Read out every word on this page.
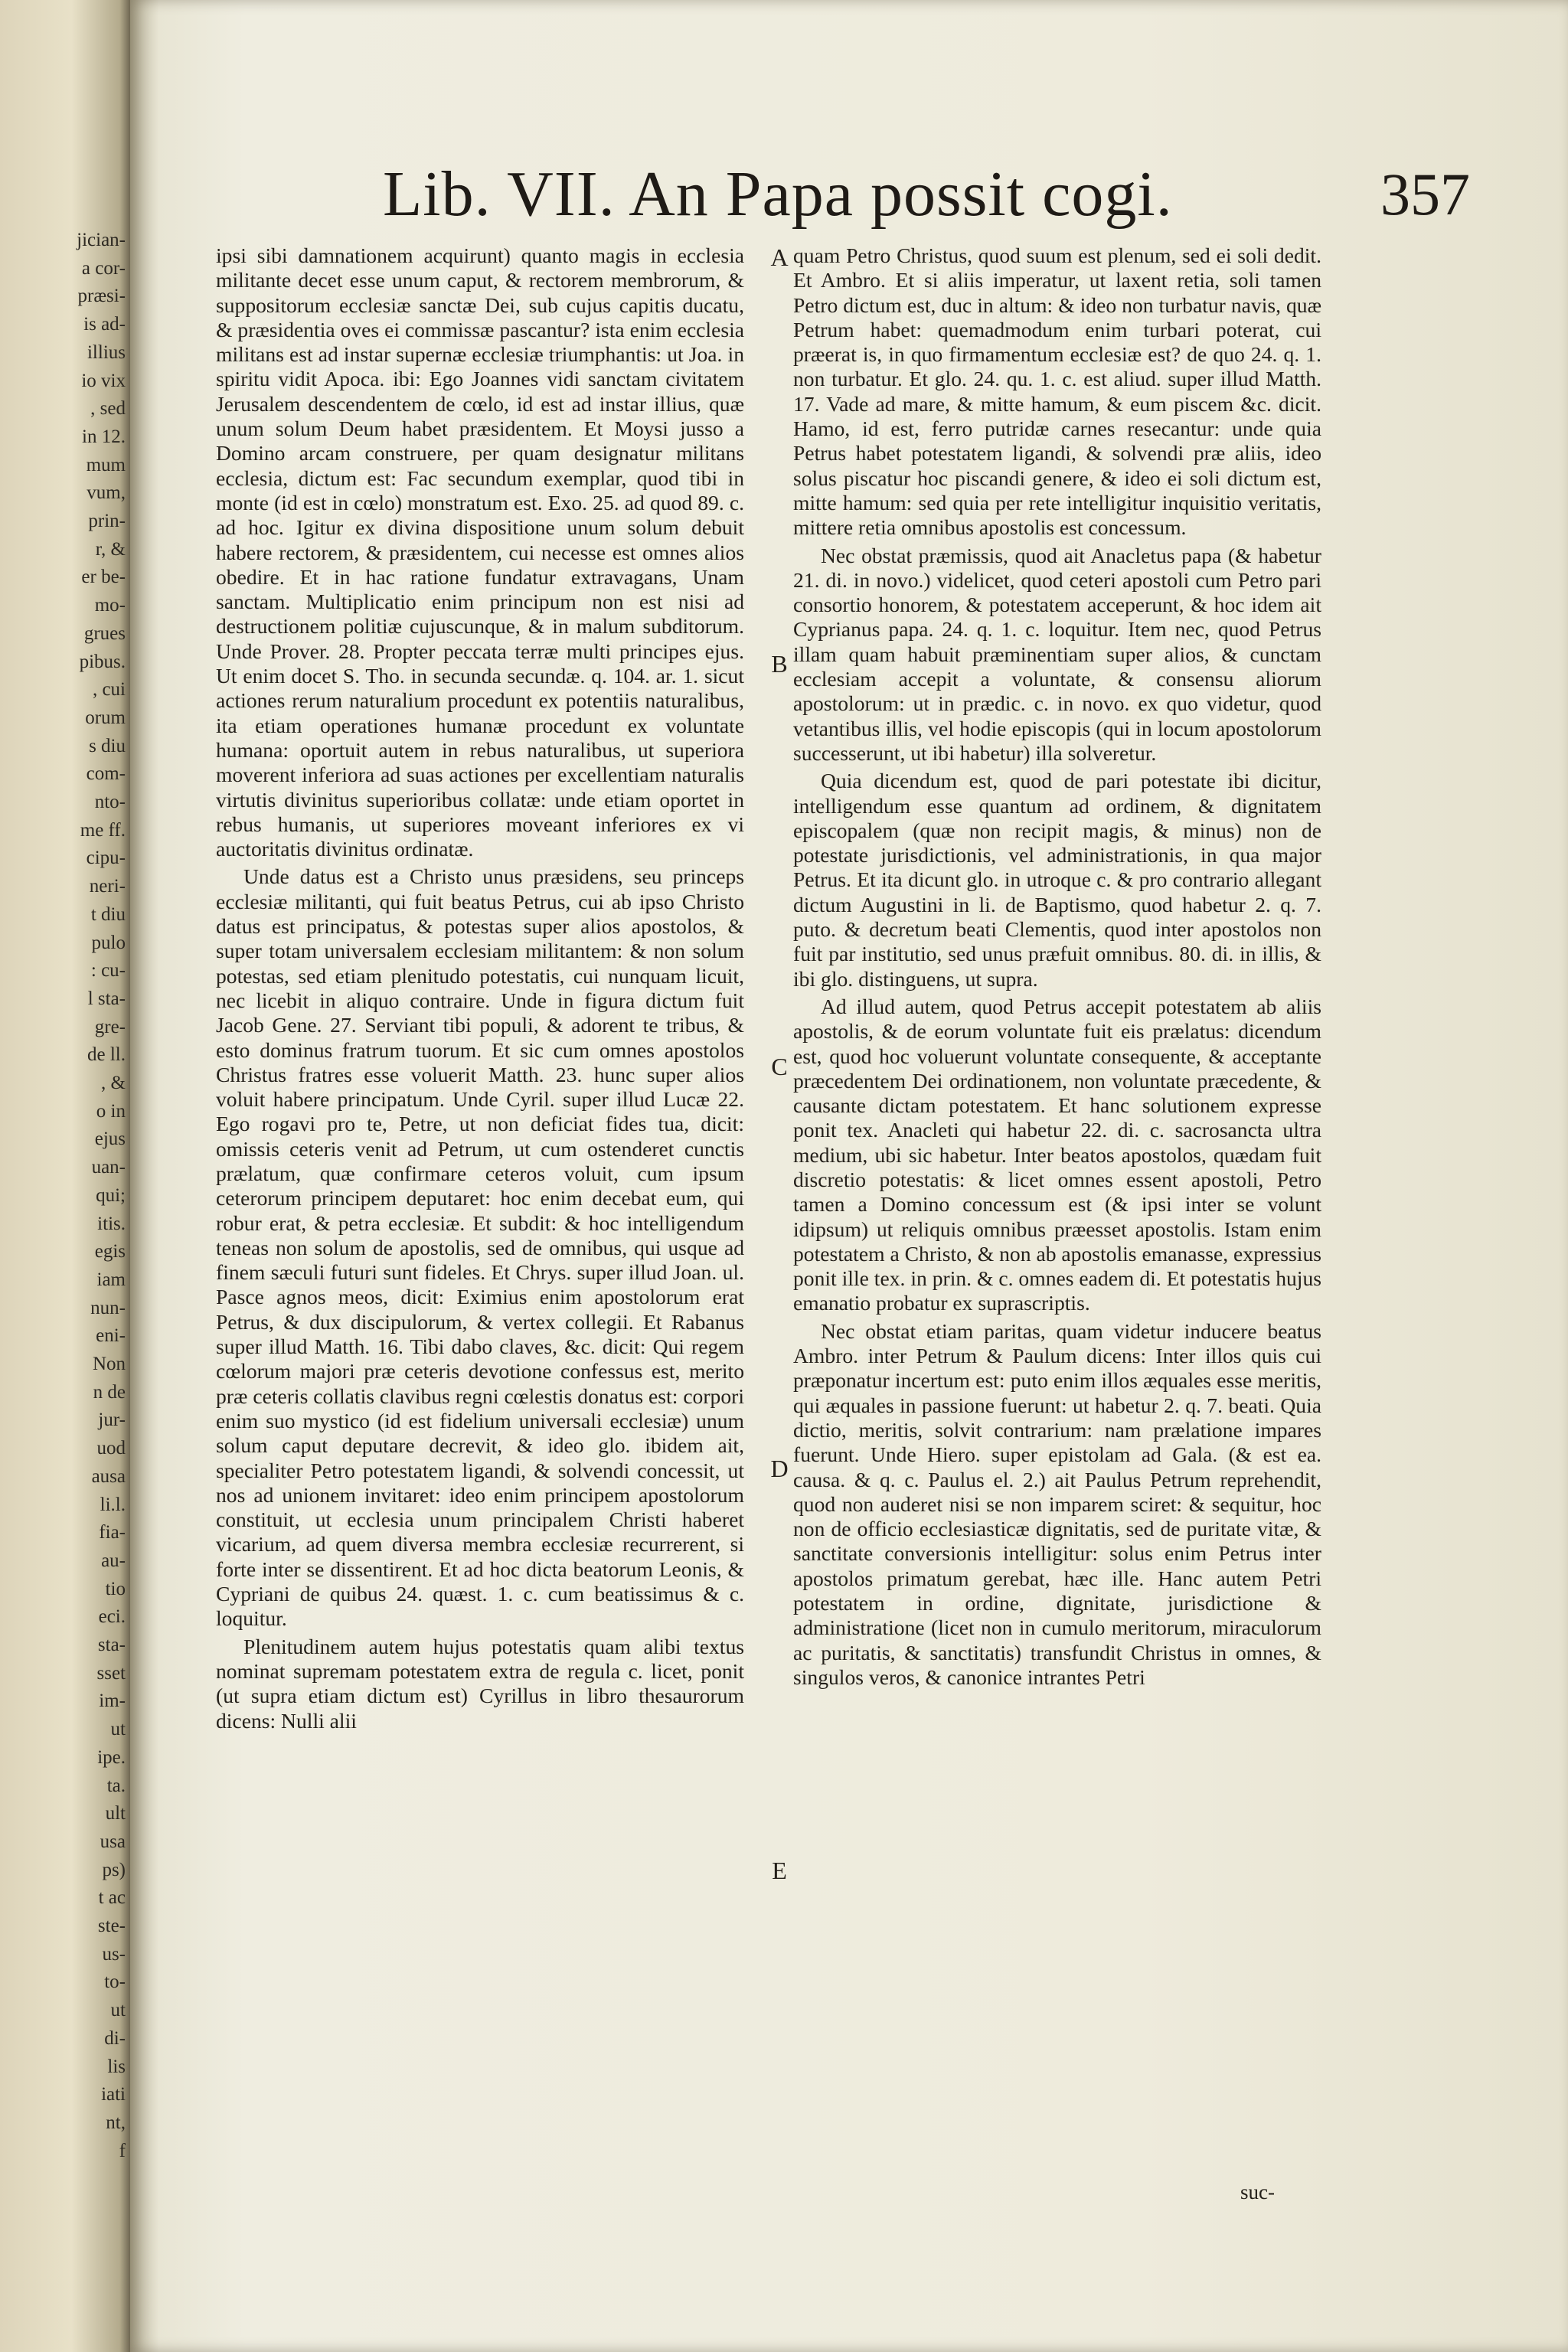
jician-
a cor-
præsi-
is ad-
illius
io vix
, sed
in 12.
mum
vum,
prin-
r, &
er be-
mo-
grues
pibus.
, cui
orum
s diu
com-
nto-
me ff.
cipu-
neri-
t diu
pulo
: cu-
l sta-
gre-
de ll.
, &
o in
ejus
uan-
qui;
itis.
egis
iam
nun-
eni-
Non
n de
jur-
uod
ausa
li.l.
fia-
au-
tio
eci.
sta-
sset
im-
ut
ipe.
ta.
ult
usa
ps)
t ac
ste-
us-
to-
ut
di-
lis
iati
nt,
f
Lib. VII. An Papa possit cogi.	357

ipsi sibi damnationem acquirunt) quanto magis in ecclesia militante decet esse unum caput, & rectorem membrorum, & suppositorum ecclesiæ sanctæ Dei, sub cujus capitis ducatu, & præsidentia oves ei commissæ pascantur? ista enim ecclesia militans est ad instar supernæ ecclesiæ triumphantis: ut Joa. in spiritu vidit Apoca. ibi: Ego Joannes vidi sanctam civitatem Jerusalem descendentem de cœlo, id est ad instar illius, quæ unum solum Deum habet præsidentem. Et Moysi jusso a Domino arcam construere, per quam designatur militans ecclesia, dictum est: Fac secundum exemplar, quod tibi in monte (id est in cœlo) monstratum est. Exo. 25. ad quod 89. c. ad hoc. Igitur ex divina dispositione unum solum debuit habere rectorem, & præsidentem, cui necesse est omnes alios obedire. Et in hac ratione fundatur extravagans, Unam sanctam. Multiplicatio enim principum non est nisi ad destructionem politiæ cujuscunque, & in malum subditorum. Unde Prover. 28. Propter peccata terræ multi principes ejus. Ut enim docet S. Tho. in secunda secundæ. q. 104. ar. 1. sicut actiones rerum naturalium procedunt ex potentiis naturalibus, ita etiam operationes humanæ procedunt ex voluntate humana: oportuit autem in rebus naturalibus, ut superiora moverent inferiora ad suas actiones per excellentiam naturalis virtutis divinitus superioribus collatæ: unde etiam oportet in rebus humanis, ut superiores moveant inferiores ex vi auctoritatis divinitus ordinatæ.

Unde datus est a Christo unus præsidens, seu princeps ecclesiæ militanti, qui fuit beatus Petrus, cui ab ipso Christo datus est principatus, & potestas super alios apostolos, & super totam universalem ecclesiam militantem: & non solum potestas, sed etiam plenitudo potestatis, cui nunquam licuit, nec licebit in aliquo contraire. Unde in figura dictum fuit Jacob Gene. 27. Serviant tibi populi, & adorent te tribus, & esto dominus fratrum tuorum. Et sic cum omnes apostolos Christus fratres esse voluerit Matth. 23. hunc super alios voluit habere principatum. Unde Cyril. super illud Lucæ 22. Ego rogavi pro te, Petre, ut non deficiat fides tua, dicit: omissis ceteris venit ad Petrum, ut cum ostenderet cunctis prælatum, quæ confirmare ceteros voluit, cum ipsum ceterorum principem deputaret: hoc enim decebat eum, qui robur erat, & petra ecclesiæ. Et subdit: & hoc intelligendum teneas non solum de apostolis, sed de omnibus, qui usque ad finem sæculi futuri sunt fideles. Et Chrys. super illud Joan. ul. Pasce agnos meos, dicit: Eximius enim apostolorum erat Petrus, & dux discipulorum, & vertex collegii. Et Rabanus super illud Matth. 16. Tibi dabo claves, &c. dicit: Qui regem cœlorum majori præ ceteris devotione confessus est, merito præ ceteris collatis clavibus regni cœlestis donatus est: corpori enim suo mystico (id est fidelium universali ecclesiæ) unum solum caput deputare decrevit, & ideo glo. ibidem ait, specialiter Petro potestatem ligandi, & solvendi concessit, ut nos ad unionem invitaret: ideo enim principem apostolorum constituit, ut ecclesia unum principalem Christi haberet vicarium, ad quem diversa membra ecclesiæ recurrerent, si forte inter se dissentirent. Et ad hoc dicta beatorum Leonis, & Cypriani de quibus 24. quæst. 1. c. cum beatissimus & c. loquitur.

Plenitudinem autem hujus potestatis quam alibi textus nominat supremam potestatem extra de regula c. licet, ponit (ut supra etiam dictum est) Cyrillus in libro thesaurorum dicens: Nulli alii

quam Petro Christus, quod suum est plenum, sed ei soli dedit. Et Ambro. Et si aliis imperatur, ut laxent retia, soli tamen Petro dictum est, duc in altum: & ideo non turbatur navis, quæ Petrum habet: quemadmodum enim turbari poterat, cui præerat is, in quo firmamentum ecclesiæ est? de quo 24. q. 1. non turbatur. Et glo. 24. qu. 1. c. est aliud. super illud Matth. 17. Vade ad mare, & mitte hamum, & eum piscem &c. dicit. Hamo, id est, ferro putridæ carnes resecantur: unde quia Petrus habet potestatem ligandi, & solvendi præ aliis, ideo solus piscatur hoc piscandi genere, & ideo ei soli dictum est, mitte hamum: sed quia per rete intelligitur inquisitio veritatis, mittere retia omnibus apostolis est concessum.

Nec obstat præmissis, quod ait Anacletus papa (& habetur 21. di. in novo.) videlicet, quod ceteri apostoli cum Petro pari consortio honorem, & potestatem acceperunt, & hoc idem ait Cyprianus papa. 24. q. 1. c. loquitur. Item nec, quod Petrus illam quam habuit præminentiam super alios, & cunctam ecclesiam accepit a voluntate, & consensu aliorum apostolorum: ut in prædic. c. in novo. ex quo videtur, quod vetantibus illis, vel hodie episcopis (qui in locum apostolorum successerunt, ut ibi habetur) illa solveretur.

Quia dicendum est, quod de pari potestate ibi dicitur, intelligendum esse quantum ad ordinem, & dignitatem episcopalem (quæ non recipit magis, & minus) non de potestate jurisdictionis, vel administrationis, in qua major Petrus. Et ita dicunt glo. in utroque c. & pro contrario allegant dictum Augustini in li. de Baptismo, quod habetur 2. q. 7. puto. & decretum beati Clementis, quod inter apostolos non fuit par institutio, sed unus præfuit omnibus. 80. di. in illis, & ibi glo. distinguens, ut supra.

Ad illud autem, quod Petrus accepit potestatem ab aliis apostolis, & de eorum voluntate fuit eis prælatus: dicendum est, quod hoc voluerunt voluntate consequente, & acceptante præcedentem Dei ordinationem, non voluntate præcedente, & causante dictam potestatem. Et hanc solutionem expresse ponit tex. Anacleti qui habetur 22. di. c. sacrosancta ultra medium, ubi sic habetur. Inter beatos apostolos, quædam fuit discretio potestatis: & licet omnes essent apostoli, Petro tamen a Domino concessum est (& ipsi inter se volunt idipsum) ut reliquis omnibus præesset apostolis. Istam enim potestatem a Christo, & non ab apostolis emanasse, expressius ponit ille tex. in prin. & c. omnes eadem di. Et potestatis hujus emanatio probatur ex suprascriptis.

Nec obstat etiam paritas, quam videtur inducere beatus Ambro. inter Petrum & Paulum dicens: Inter illos quis cui præponatur incertum est: puto enim illos æquales esse meritis, qui æquales in passione fuerunt: ut habetur 2. q. 7. beati. Quia dictio, meritis, solvit contrarium: nam prælatione impares fuerunt. Unde Hiero. super epistolam ad Gala. (& est ea. causa. & q. c. Paulus el. 2.) ait Paulus Petrum reprehendit, quod non auderet nisi se non imparem sciret: & sequitur, hoc non de officio ecclesiasticæ dignitatis, sed de puritate vitæ, & sanctitate conversionis intelligitur: solus enim Petrus inter apostolos primatum gerebat, hæc ille. Hanc autem Petri potestatem in ordine, dignitate, jurisdictione & administratione (licet non in cumulo meritorum, miraculorum ac puritatis, & sanctitatis) transfundit Christus in omnes, & singulos veros, & canonice intrantes Petri

A
B
C
D
E
suc-
